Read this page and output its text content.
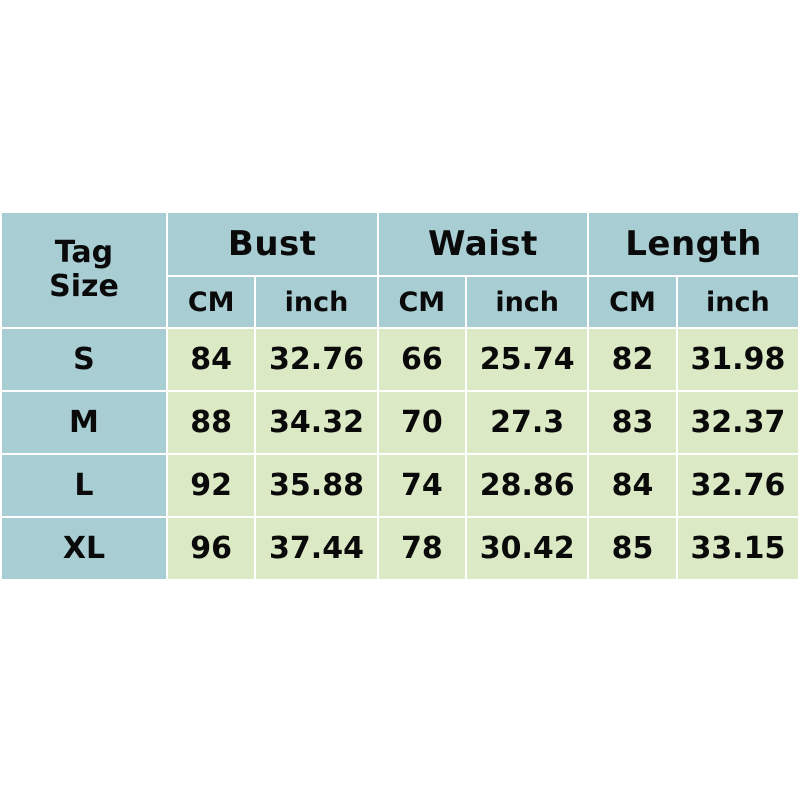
Tag
Size	Bust		Waist		Length	
	CM	inch	CM	inch	CM	inch
S	84	32.76	66	25.74	82	31.98
M	88	34.32	70	27.3	83	32.37
L	92	35.88	74	28.86	84	32.76
XL	96	37.44	78	30.42	85	33.15
